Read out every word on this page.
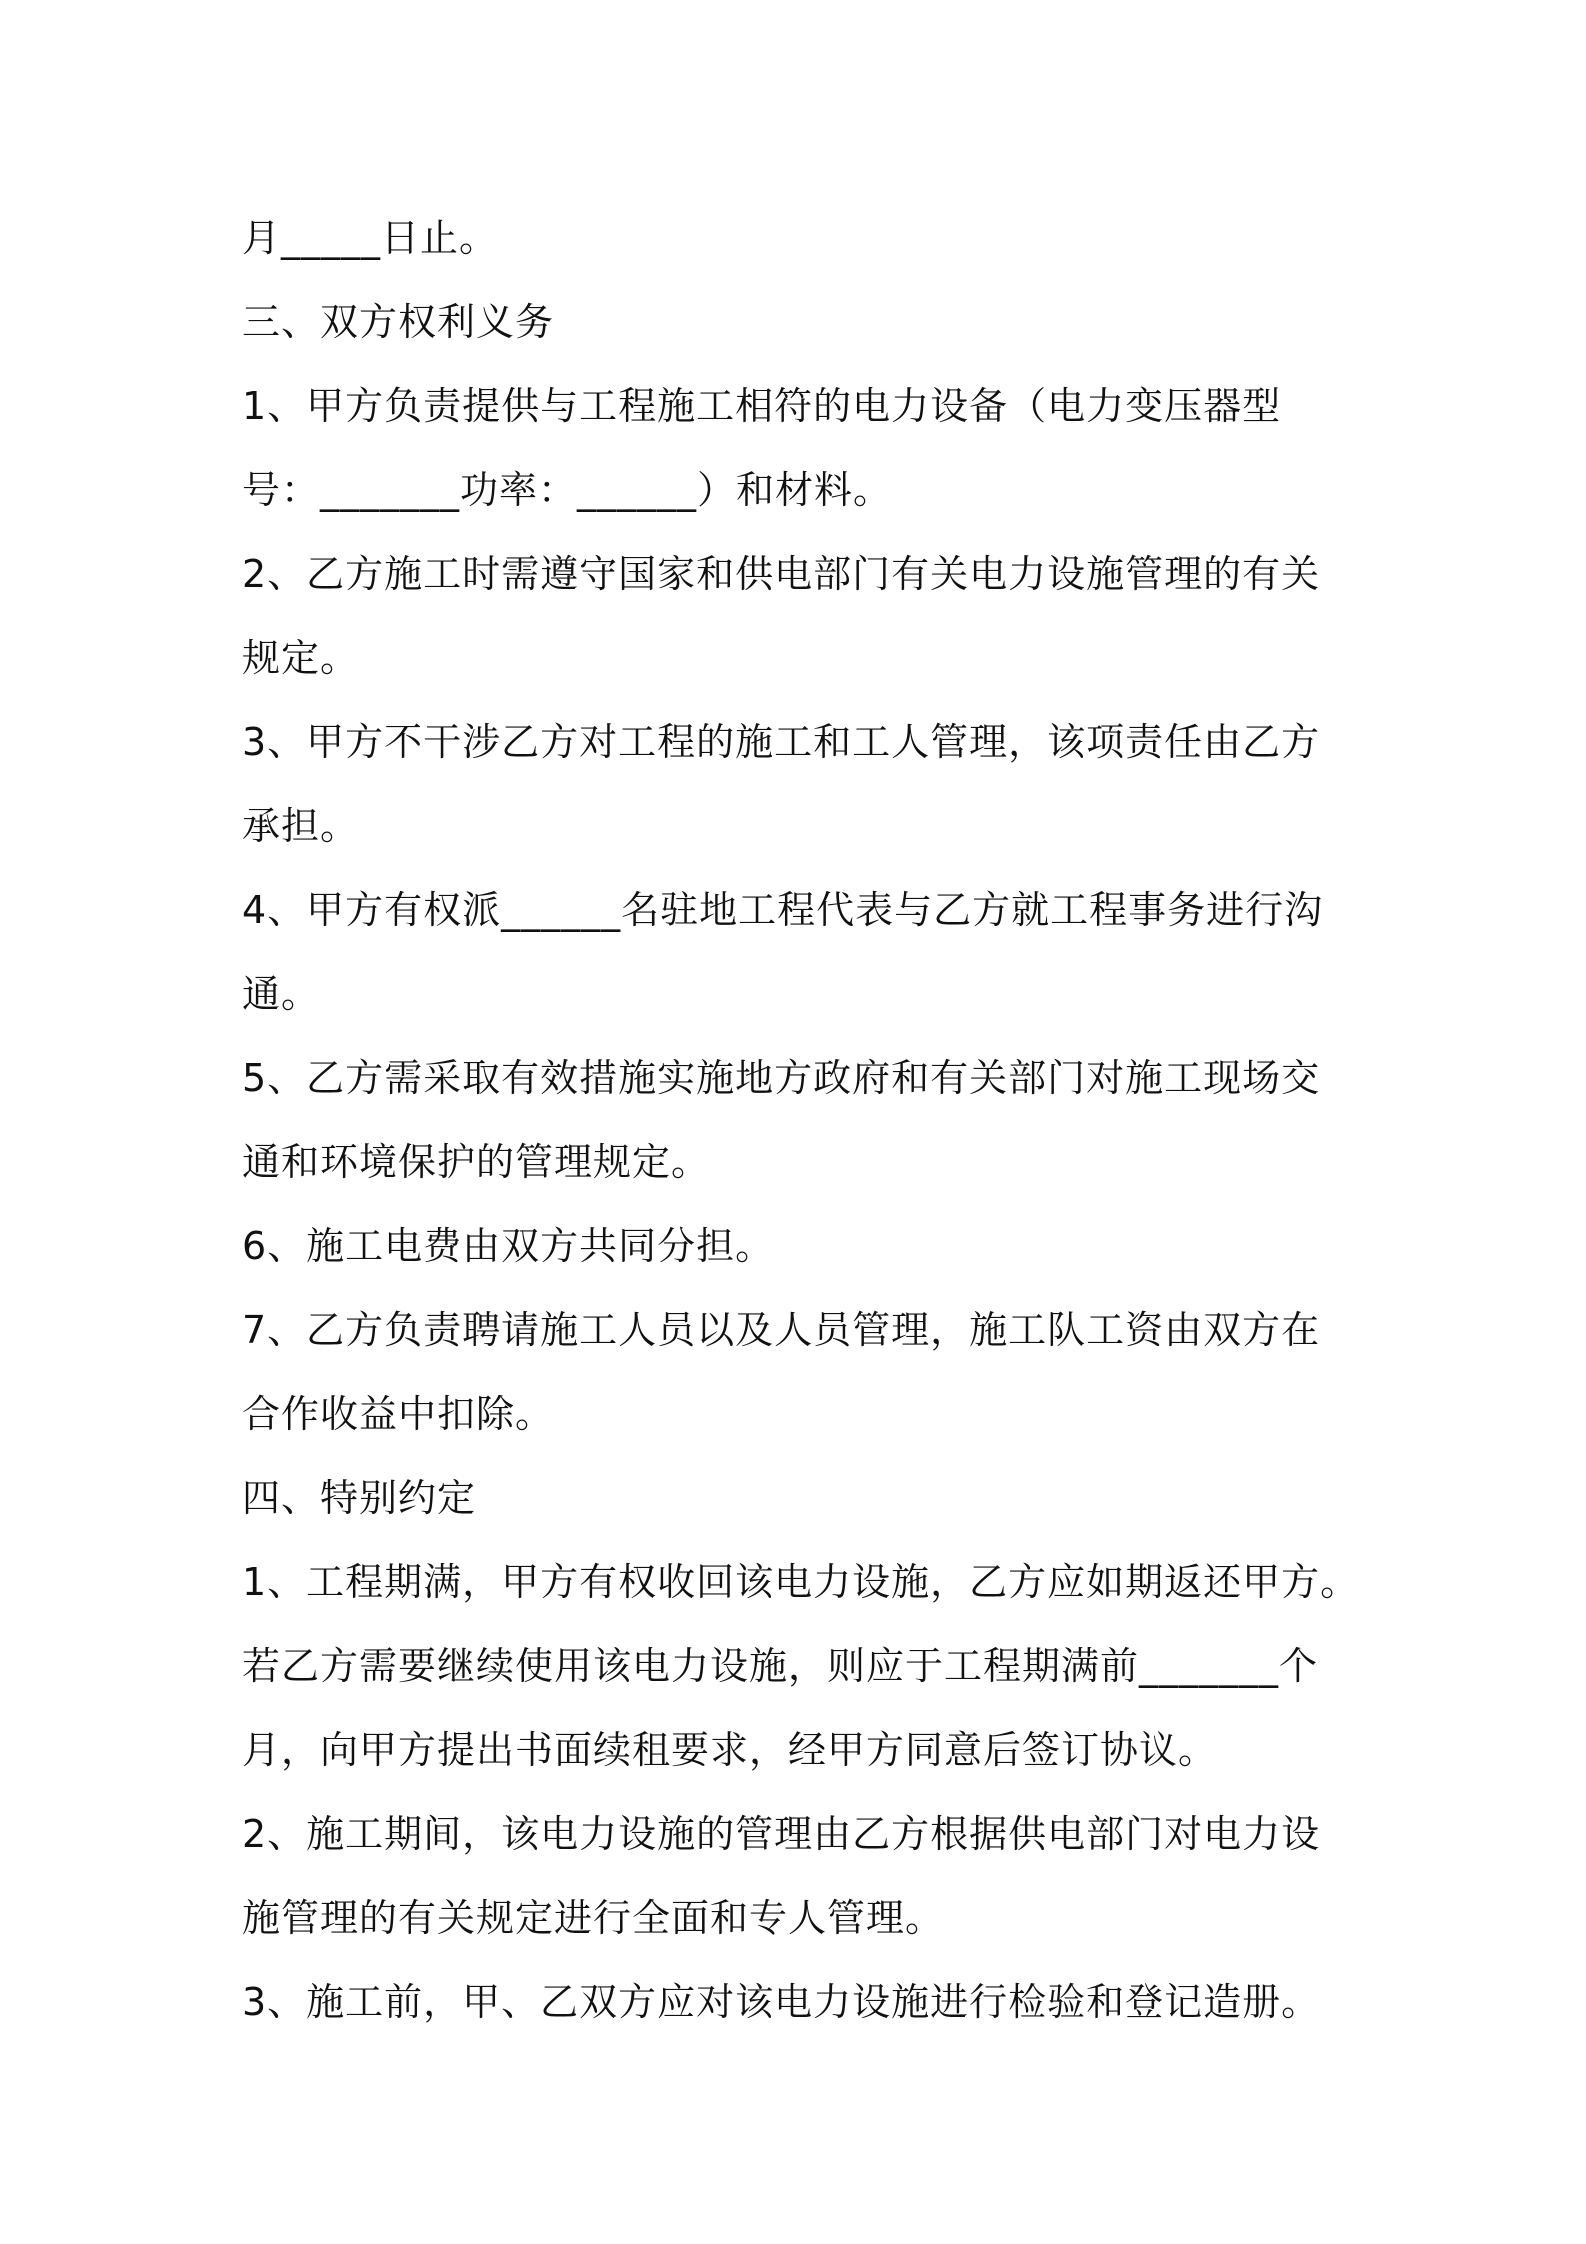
月_____日止。
三、双方权利义务
1、甲方负责提供与工程施工相符的电力设备（电力变压器型
号：_______功率：______）和材料。
2、乙方施工时需遵守国家和供电部门有关电力设施管理的有关
规定。
3、甲方不干涉乙方对工程的施工和工人管理，该项责任由乙方
承担。
4、甲方有权派______名驻地工程代表与乙方就工程事务进行沟
通。
5、乙方需采取有效措施实施地方政府和有关部门对施工现场交
通和环境保护的管理规定。
6、施工电费由双方共同分担。
7、乙方负责聘请施工人员以及人员管理，施工队工资由双方在
合作收益中扣除。
四、特别约定
1、工程期满，甲方有权收回该电力设施，乙方应如期返还甲方。
若乙方需要继续使用该电力设施，则应于工程期满前_______个
月，向甲方提出书面续租要求，经甲方同意后签订协议。
2、施工期间，该电力设施的管理由乙方根据供电部门对电力设
施管理的有关规定进行全面和专人管理。
3、施工前，甲、乙双方应对该电力设施进行检验和登记造册。
